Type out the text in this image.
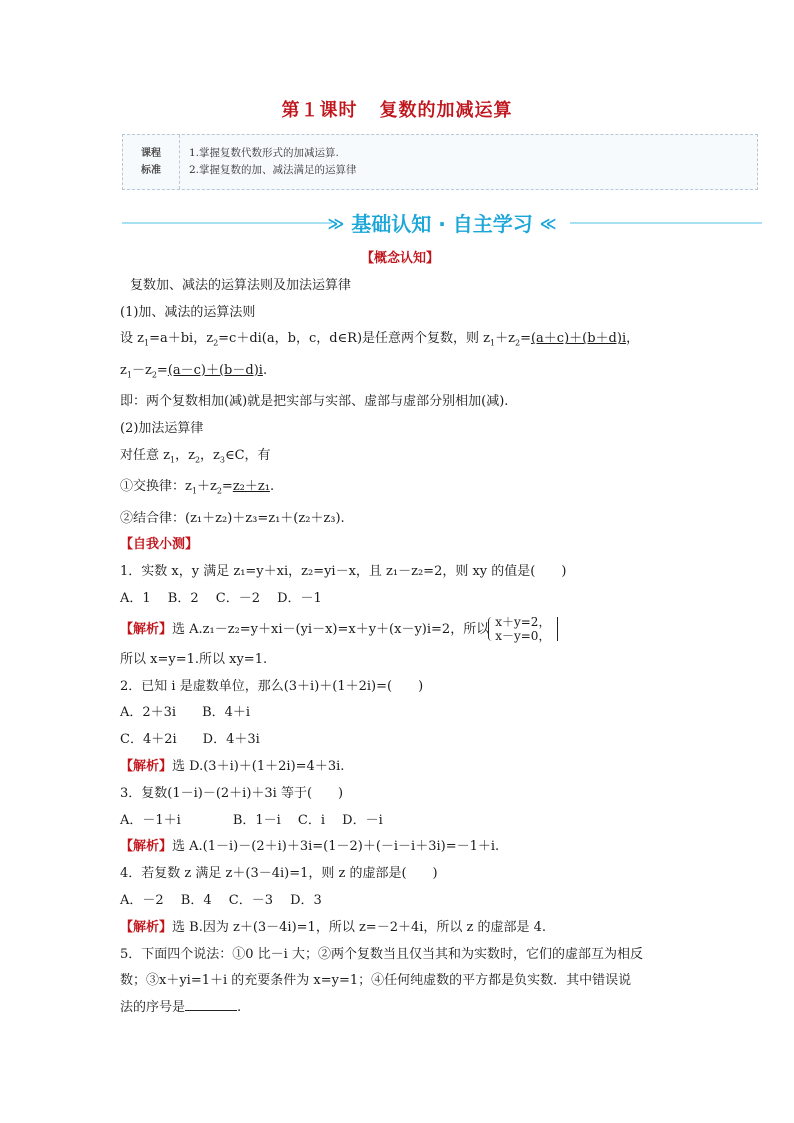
第１课时 复数的加减运算
课程
标准
1.掌握复数代数形式的加减运算.
2.掌握复数的加、减法满足的运算律
≫ 基础认知 · 自主学习 ≪

【概念认知】

复数加、减法的运算法则及加法运算律

(1)加、减法的运算法则

设 $z_1=a+bi$，$z_2=c+di(a$，b，c，d∈R)是任意两个复数，则 $z_1+z_2=(a+c)+(b+d)i$，

$z_1-z_2=(a-c)+(b-d)i$.

即：两个复数相加(减)就是把实部与实部、虚部与虚部分别相加(减).

(2)加法运算律

对任意 $z_1$，$z_2$，$z_3\in C$，有

①交换律：$z_1+z_2=z_2+z_1$.

②结合律：(z₁＋z₂)＋z₃=z₁＋(z₂＋z₃).

【自我小测】

1．实数 x，y 满足 z₁=y＋xi，z₂=yi－x，且 z₁－z₂=2，则 xy 的值是(　　)

A．1　 B．2　 C．－2　 D．－1

【解析】选 A.z₁－z₂=y＋xi－(yi－x)=x＋y＋(x－y)i=2，所以 x＋y=2，
x－y=0，

所以 x=y=1.所以 xy=1.

2．已知 i 是虚数单位，那么(3＋i)＋(1＋2i)=(　　)

A．2＋3i　　B．4＋i

C．4＋2i　　D．4＋3i

【解析】选 D.(3＋i)＋(1＋2i)=4＋3i.

3．复数(1－i)－(2＋i)＋3i 等于(　　)

A．－1＋i　　　　B．1－i　 C．i　 D．－i

【解析】选 A.(1－i)－(2＋i)＋3i=(1－2)＋(－i－i＋3i)=－1＋i.

4．若复数 z 满足 z＋(3－4i)=1，则 z 的虚部是(　　)

A．－2　 B．4　 C．－3　 D．3

【解析】选 B.因为 z＋(3－4i)=1，所以 z=－2＋4i，所以 z 的虚部是 4.

5．下面四个说法：①0 比－i 大；②两个复数当且仅当其和为实数时，它们的虚部互为相反

数；③x＋yi=1＋i 的充要条件为 x=y=1；④任何纯虚数的平方都是负实数．其中错误说

法的序号是	.
